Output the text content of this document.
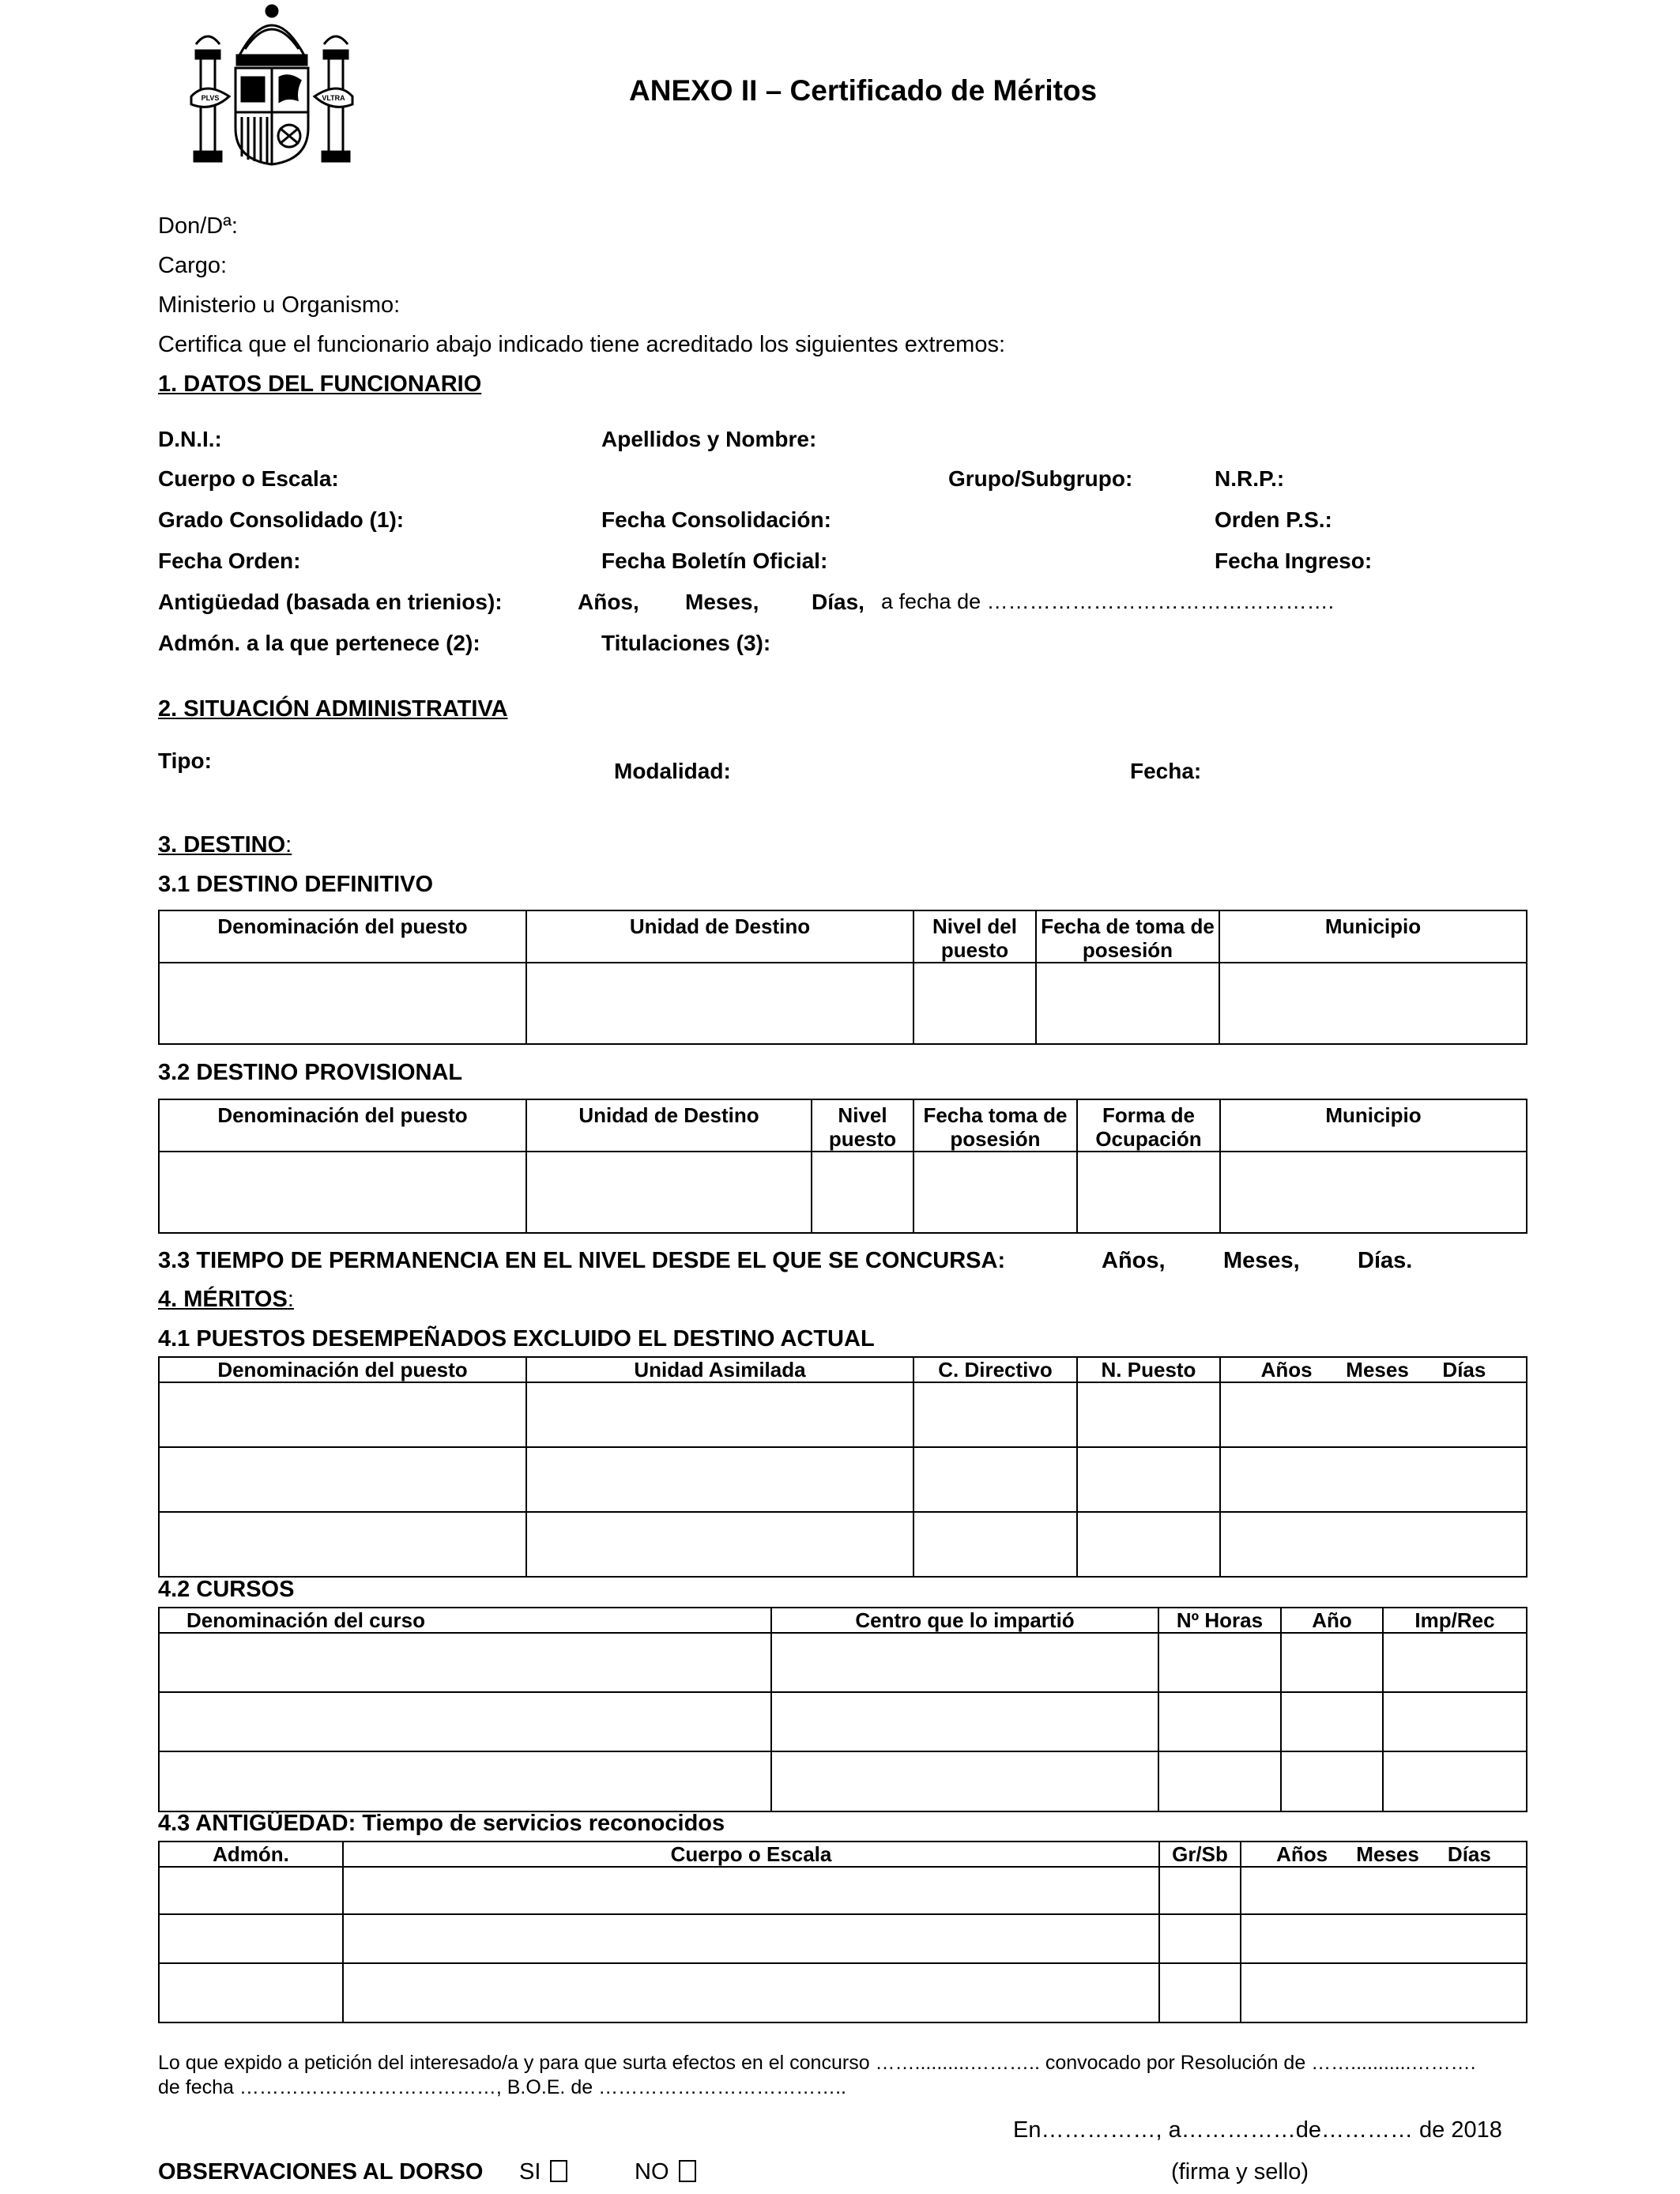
PLVS	VLTRA	ANEXO II – Certificado de Méritos
Don/Dª:
Cargo:
Ministerio u Organismo:
Certifica que el funcionario abajo indicado tiene acreditado los siguientes extremos:
1. DATOS DEL FUNCIONARIO
D.N.I.:	Apellidos y Nombre:
Cuerpo o Escala:	Grupo/Subgrupo:	N.R.P.:
Grado Consolidado (1):	Fecha Consolidación:	Orden P.S.:
Fecha Orden:	Fecha Boletín Oficial:	Fecha Ingreso:
Antigüedad (basada en trienios):	Años, Meses, Días, a fecha de ………………………………………….
Admón. a la que pertenece (2):	Titulaciones (3):
2. SITUACIÓN ADMINISTRATIVA
Tipo:	Modalidad:	Fecha:
3. DESTINO:
3.1 DESTINO DEFINITIVO
Denominación del puesto	Unidad de Destino	Nivel del puesto	Fecha de toma de posesión	Municipio

3.2 DESTINO PROVISIONAL
Denominación del puesto	Unidad de Destino	Nivel puesto	Fecha toma de posesión	Forma de Ocupación	Municipio

3.3 TIEMPO DE PERMANENCIA EN EL NIVEL DESDE EL QUE SE CONCURSA:	Años,	Meses,	Días.
4. MÉRITOS:
4.1 PUESTOS DESEMPEÑADOS EXCLUIDO EL DESTINO ACTUAL
Denominación del puesto	Unidad Asimilada	C. Directivo	N. Puesto	Años Meses Días

4.2 CURSOS
Denominación del curso	Centro que lo impartió	Nº Horas	Año	Imp/Rec

4.3 ANTIGÜEDAD: Tiempo de servicios reconocidos
Admón.	Cuerpo o Escala	Gr/Sb	Años Meses Días

Lo que expido a petición del interesado/a y para que surta efectos en el concurso ……..........……….. convocado por Resolución de ……...........……….
de fecha …………………………………, B.O.E. de ………………………………..
En……………, a……………de………… de 2018
OBSERVACIONES AL DORSO SI	NO	(firma y sello)
